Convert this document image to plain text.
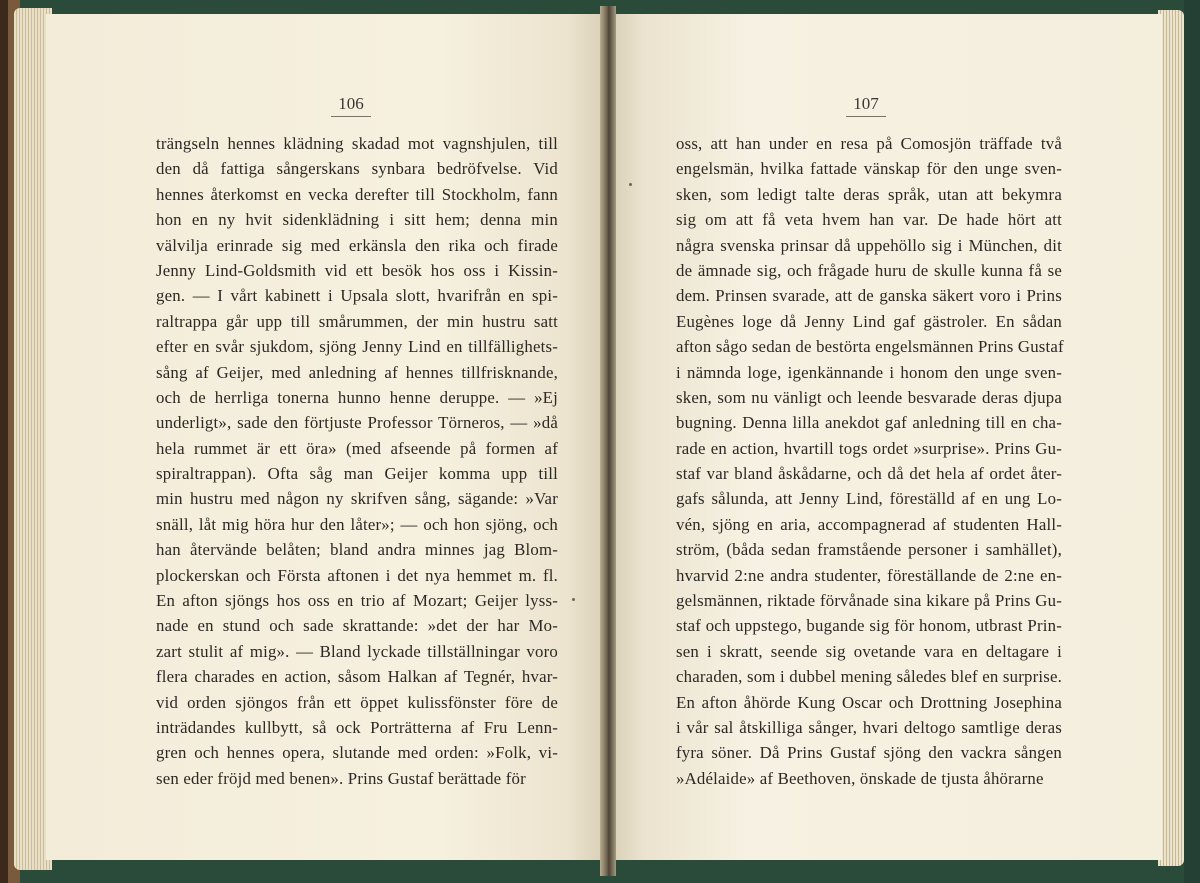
106
trängseln hennes klädning skadad mot vagnshjulen, till
den då fattiga sångerskans synbara bedröfvelse. Vid
hennes återkomst en vecka derefter till Stockholm, fann
hon en ny hvit sidenklädning i sitt hem; denna min
välvilja erinrade sig med erkänsla den rika och firade
Jenny Lind-Goldsmith vid ett besök hos oss i Kissin-
gen. — I vårt kabinett i Upsala slott, hvarifrån en spi-
raltrappa går upp till smårummen, der min hustru satt
efter en svår sjukdom, sjöng Jenny Lind en tillfällighets-
sång af Geijer, med anledning af hennes tillfrisknande,
och de herrliga tonerna hunno henne deruppe. — »Ej
underligt», sade den förtjuste Professor Törneros, — »då
hela rummet är ett öra» (med afseende på formen af
spiraltrappan). Ofta såg man Geijer komma upp till
min hustru med någon ny skrifven sång, sägande: »Var
snäll, låt mig höra hur den låter»; — och hon sjöng, och
han återvände belåten; bland andra minnes jag Blom-
plockerskan och Första aftonen i det nya hemmet m. fl.
En afton sjöngs hos oss en trio af Mozart; Geijer lyss-
nade en stund och sade skrattande: »det der har Mo-
zart stulit af mig». — Bland lyckade tillställningar voro
flera charades en action, såsom Halkan af Tegnér, hvar-
vid orden sjöngos från ett öppet kulissfönster före de
inträdandes kullbytt, så ock Porträtterna af Fru Lenn-
gren och hennes opera, slutande med orden: »Folk, vi-
sen eder fröjd med benen». Prins Gustaf berättade för
107
oss, att han under en resa på Comosjön träffade två
engelsmän, hvilka fattade vänskap för den unge sven-
sken, som ledigt talte deras språk, utan att bekymra
sig om att få veta hvem han var. De hade hört att
några svenska prinsar då uppehöllo sig i München, dit
de ämnade sig, och frågade huru de skulle kunna få se
dem. Prinsen svarade, att de ganska säkert voro i Prins
Eugènes loge då Jenny Lind gaf gästroler. En sådan
afton sågo sedan de bestörta engelsmännen Prins Gustaf
i nämnda loge, igenkännande i honom den unge sven-
sken, som nu vänligt och leende besvarade deras djupa
bugning. Denna lilla anekdot gaf anledning till en cha-
rade en action, hvartill togs ordet »surprise». Prins Gu-
staf var bland åskådarne, och då det hela af ordet åter-
gafs sålunda, att Jenny Lind, föreställd af en ung Lo-
vén, sjöng en aria, accompagnerad af studenten Hall-
ström, (båda sedan framstående personer i samhället),
hvarvid 2:ne andra studenter, föreställande de 2:ne en-
gelsmännen, riktade förvånade sina kikare på Prins Gu-
staf och uppstego, bugande sig för honom, utbrast Prin-
sen i skratt, seende sig ovetande vara en deltagare i
charaden, som i dubbel mening således blef en surprise.
En afton åhörde Kung Oscar och Drottning Josephina
i vår sal åtskilliga sånger, hvari deltogo samtlige deras
fyra söner. Då Prins Gustaf sjöng den vackra sången
»Adélaide» af Beethoven, önskade de tjusta åhörarne
